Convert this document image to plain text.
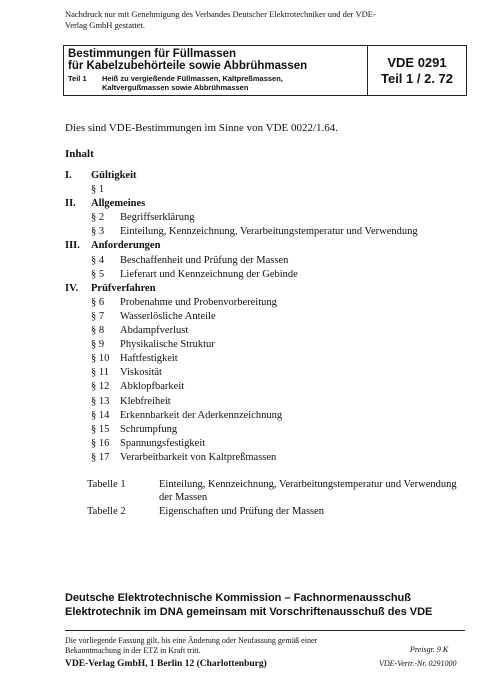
Nachdruck nur mit Genehmigung des Verbandes Deutscher Elektrotechniker und der VDE-Verlag GmbH gestattet.
Bestimmungen für Füllmassen
für Kabelzubehörteile sowie Abbrühmassen
Teil 1	Heiß zu vergießende Füllmassen, Kaltpreßmassen,
Kaltvergußmassen sowie Abbrühmassen
VDE 0291
Teil 1 / 2. 72
Dies sind VDE-Bestimmungen im Sinne von VDE 0022/1.64.
Inhalt
I.	Gültigkeit
§ 1
II.	Allgemeines
§ 2	Begriffserklärung
§ 3	Einteilung, Kennzeichnung, Verarbeitungstemperatur und Verwendung
III.	Anforderungen
§ 4	Beschaffenheit und Prüfung der Massen
§ 5	Lieferart und Kennzeichnung der Gebinde
IV.	Prüfverfahren
§ 6	Probenahme und Probenvorbereitung
§ 7	Wasserlösliche Anteile
§ 8	Abdampfverlust
§ 9	Physikalische Struktur
§ 10	Haftfestigkeit
§ 11	Viskosität
§ 12	Abklopfbarkeit
§ 13	Klebfreiheit
§ 14	Erkennbarkeit der Aderkennzeichnung
§ 15	Schrumpfung
§ 16	Spannungsfestigkeit
§ 17	Verarbeitbarkeit von Kaltpreßmassen
Tabelle 1	Einteilung, Kennzeichnung, Verarbeitungstemperatur und Verwendung der Massen
Tabelle 2	Eigenschaften und Prüfung der Massen
Deutsche Elektrotechnische Kommission – Fachnormenausschuß Elektrotechnik im DNA gemeinsam mit Vorschriftenausschuß des VDE
Die vorliegende Fassung gilt, bis eine Änderung oder Neufassung gemäß einer Bekanntmachung in der ETZ in Kraft tritt.
VDE-Verlag GmbH, 1 Berlin 12 (Charlottenburg)
Preisgr. 9 K
VDE-Vertr.-Nr. 0291000
